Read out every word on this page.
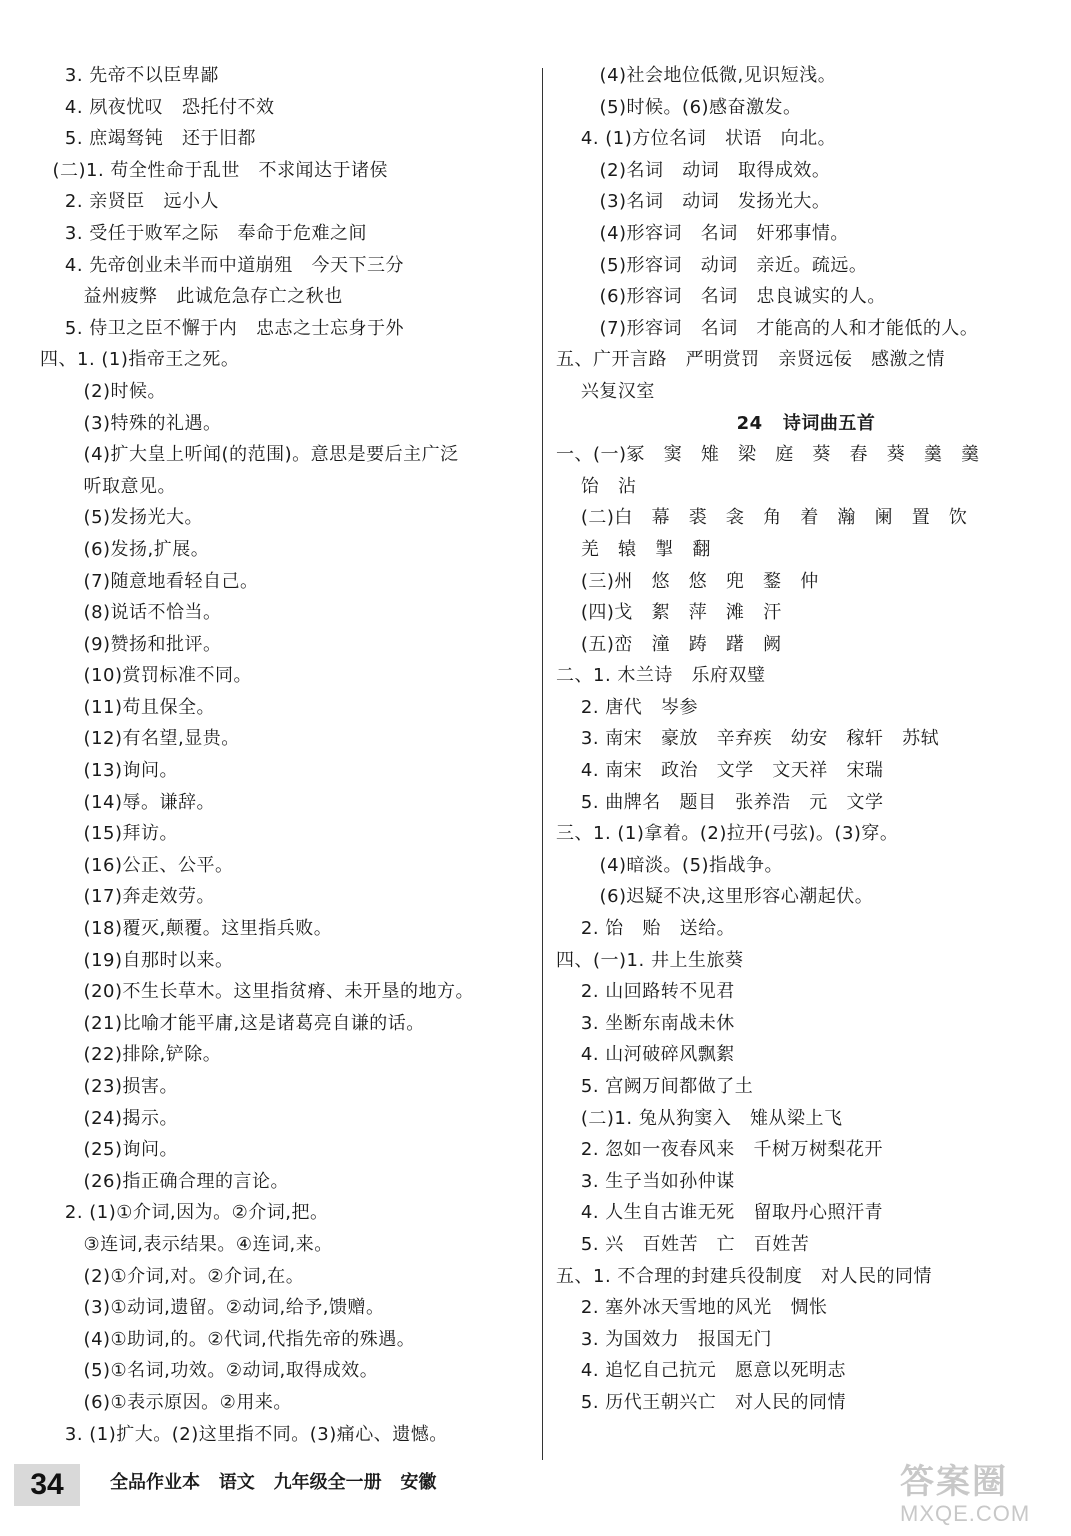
3. 先帝不以臣卑鄙
4. 夙夜忧叹   恐托付不效
5. 庶竭驽钝   还于旧都
(二)1. 苟全性命于乱世   不求闻达于诸侯
2. 亲贤臣   远小人
3. 受任于败军之际   奉命于危难之间
4. 先帝创业未半而中道崩殂   今天下三分
益州疲弊   此诚危急存亡之秋也
5. 侍卫之臣不懈于内   忠志之士忘身于外
四、1. (1)指帝王之死。
(2)时候。
(3)特殊的礼遇。
(4)扩大皇上听闻(的范围)。意思是要后主广泛
听取意见。
(5)发扬光大。
(6)发扬,扩展。
(7)随意地看轻自己。
(8)说话不恰当。
(9)赞扬和批评。
(10)赏罚标准不同。
(11)苟且保全。
(12)有名望,显贵。
(13)询问。
(14)辱。谦辞。
(15)拜访。
(16)公正、公平。
(17)奔走效劳。
(18)覆灭,颠覆。这里指兵败。
(19)自那时以来。
(20)不生长草木。这里指贫瘠、未开垦的地方。
(21)比喻才能平庸,这是诸葛亮自谦的话。
(22)排除,铲除。
(23)损害。
(24)揭示。
(25)询问。
(26)指正确合理的言论。
2. (1)①介词,因为。②介词,把。
③连词,表示结果。④连词,来。
(2)①介词,对。②介词,在。
(3)①动词,遗留。②动词,给予,馈赠。
(4)①助词,的。②代词,代指先帝的殊遇。
(5)①名词,功效。②动词,取得成效。
(6)①表示原因。②用来。
3. (1)扩大。(2)这里指不同。(3)痛心、遗憾。
(4)社会地位低微,见识短浅。
(5)时候。(6)感奋激发。
4. (1)方位名词   状语   向北。
(2)名词   动词   取得成效。
(3)名词   动词   发扬光大。
(4)形容词   名词   奸邪事情。
(5)形容词   动词   亲近。疏远。
(6)形容词   名词   忠良诚实的人。
(7)形容词   名词   才能高的人和才能低的人。
五、广开言路   严明赏罚   亲贤远佞   感激之情
兴复汉室
24   诗词曲五首
一、(一)冢   窦   雉   梁   庭   葵   舂   葵   羹   羹
饴   沾
(二)白   幕   裘   衾   角   着   瀚   阑   置   饮
羌   辕   掣   翻
(三)州   悠   悠   兜   鍪   仲
(四)戈   絮   萍   滩   汗
(五)峦   潼   踌   躇   阙
二、1. 木兰诗   乐府双璧
2. 唐代   岑参
3. 南宋   豪放   辛弃疾   幼安   稼轩   苏轼
4. 南宋   政治   文学   文天祥   宋瑞
5. 曲牌名   题目   张养浩   元   文学
三、1. (1)拿着。(2)拉开(弓弦)。(3)穿。
(4)暗淡。(5)指战争。
(6)迟疑不决,这里形容心潮起伏。
2. 饴   贻   送给。
四、(一)1. 井上生旅葵
2. 山回路转不见君
3. 坐断东南战未休
4. 山河破碎风飘絮
5. 宫阙万间都做了土
(二)1. 兔从狗窦入   雉从梁上飞
2. 忽如一夜春风来   千树万树梨花开
3. 生子当如孙仲谋
4. 人生自古谁无死   留取丹心照汗青
5. 兴   百姓苦   亡   百姓苦
五、1. 不合理的封建兵役制度   对人民的同情
2. 塞外冰天雪地的风光   惆怅
3. 为国效力   报国无门
4. 追忆自己抗元   愿意以死明志
5. 历代王朝兴亡   对人民的同情
34	全品作业本   语文   九年级全一册   安徽	答案圈
MXQE.COM
